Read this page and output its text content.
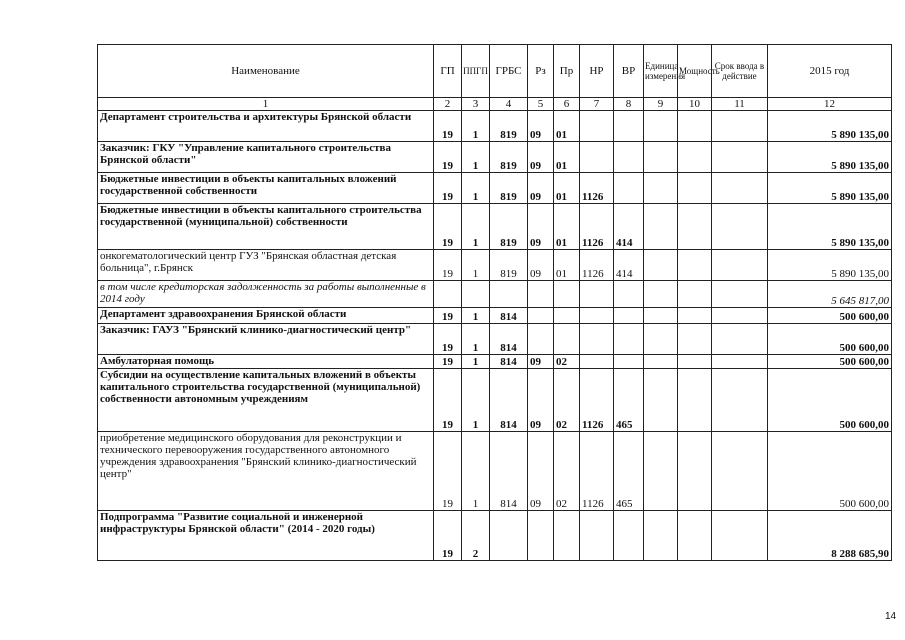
Наименование	ГП	ППГП	ГРБС	Рз	Пр	НР	ВР	Единица измерения	Мощность	Срок ввода в действие	2015 год
1	2	3	4	5	6	7	8	9	10	11	12
Департамент строительства и архитектуры Брянской области	19	1	819	09	01						5 890 135,00
Заказчик: ГКУ "Управление капитального строительства Брянской области"	19	1	819	09	01						5 890 135,00
Бюджетные инвестиции в объекты капитальных вложений государственной собственности	19	1	819	09	01	1126					5 890 135,00
Бюджетные инвестиции в объекты капитального строительства государственной (муниципальной) собственности	19	1	819	09	01	1126	414				5 890 135,00
онкогематологический центр ГУЗ "Брянская областная детская больница", г.Брянск	19	1	819	09	01	1126	414				5 890 135,00
в том числе кредиторская задолженность за работы выполненные в 2014 году											5 645 817,00
Департамент здравоохранения Брянской области	19	1	814								500 600,00
Заказчик: ГАУЗ "Брянский клинико-диагностический центр"	19	1	814								500 600,00
Амбулаторная помощь	19	1	814	09	02						500 600,00
Субсидии на осуществление капитальных вложений в объекты капитального строительства государственной (муниципальной) собственности автономным учреждениям	19	1	814	09	02	1126	465				500 600,00
приобретение медицинского оборудования для реконструкции и технического перевооружения государственного автономного учреждения здравоохранения "Брянский клинико-диагностический центр"	19	1	814	09	02	1126	465				500 600,00
Подпрограмма "Развитие социальной и инженерной инфраструктуры Брянской области" (2014 - 2020 годы)	19	2									8 288 685,90
14
